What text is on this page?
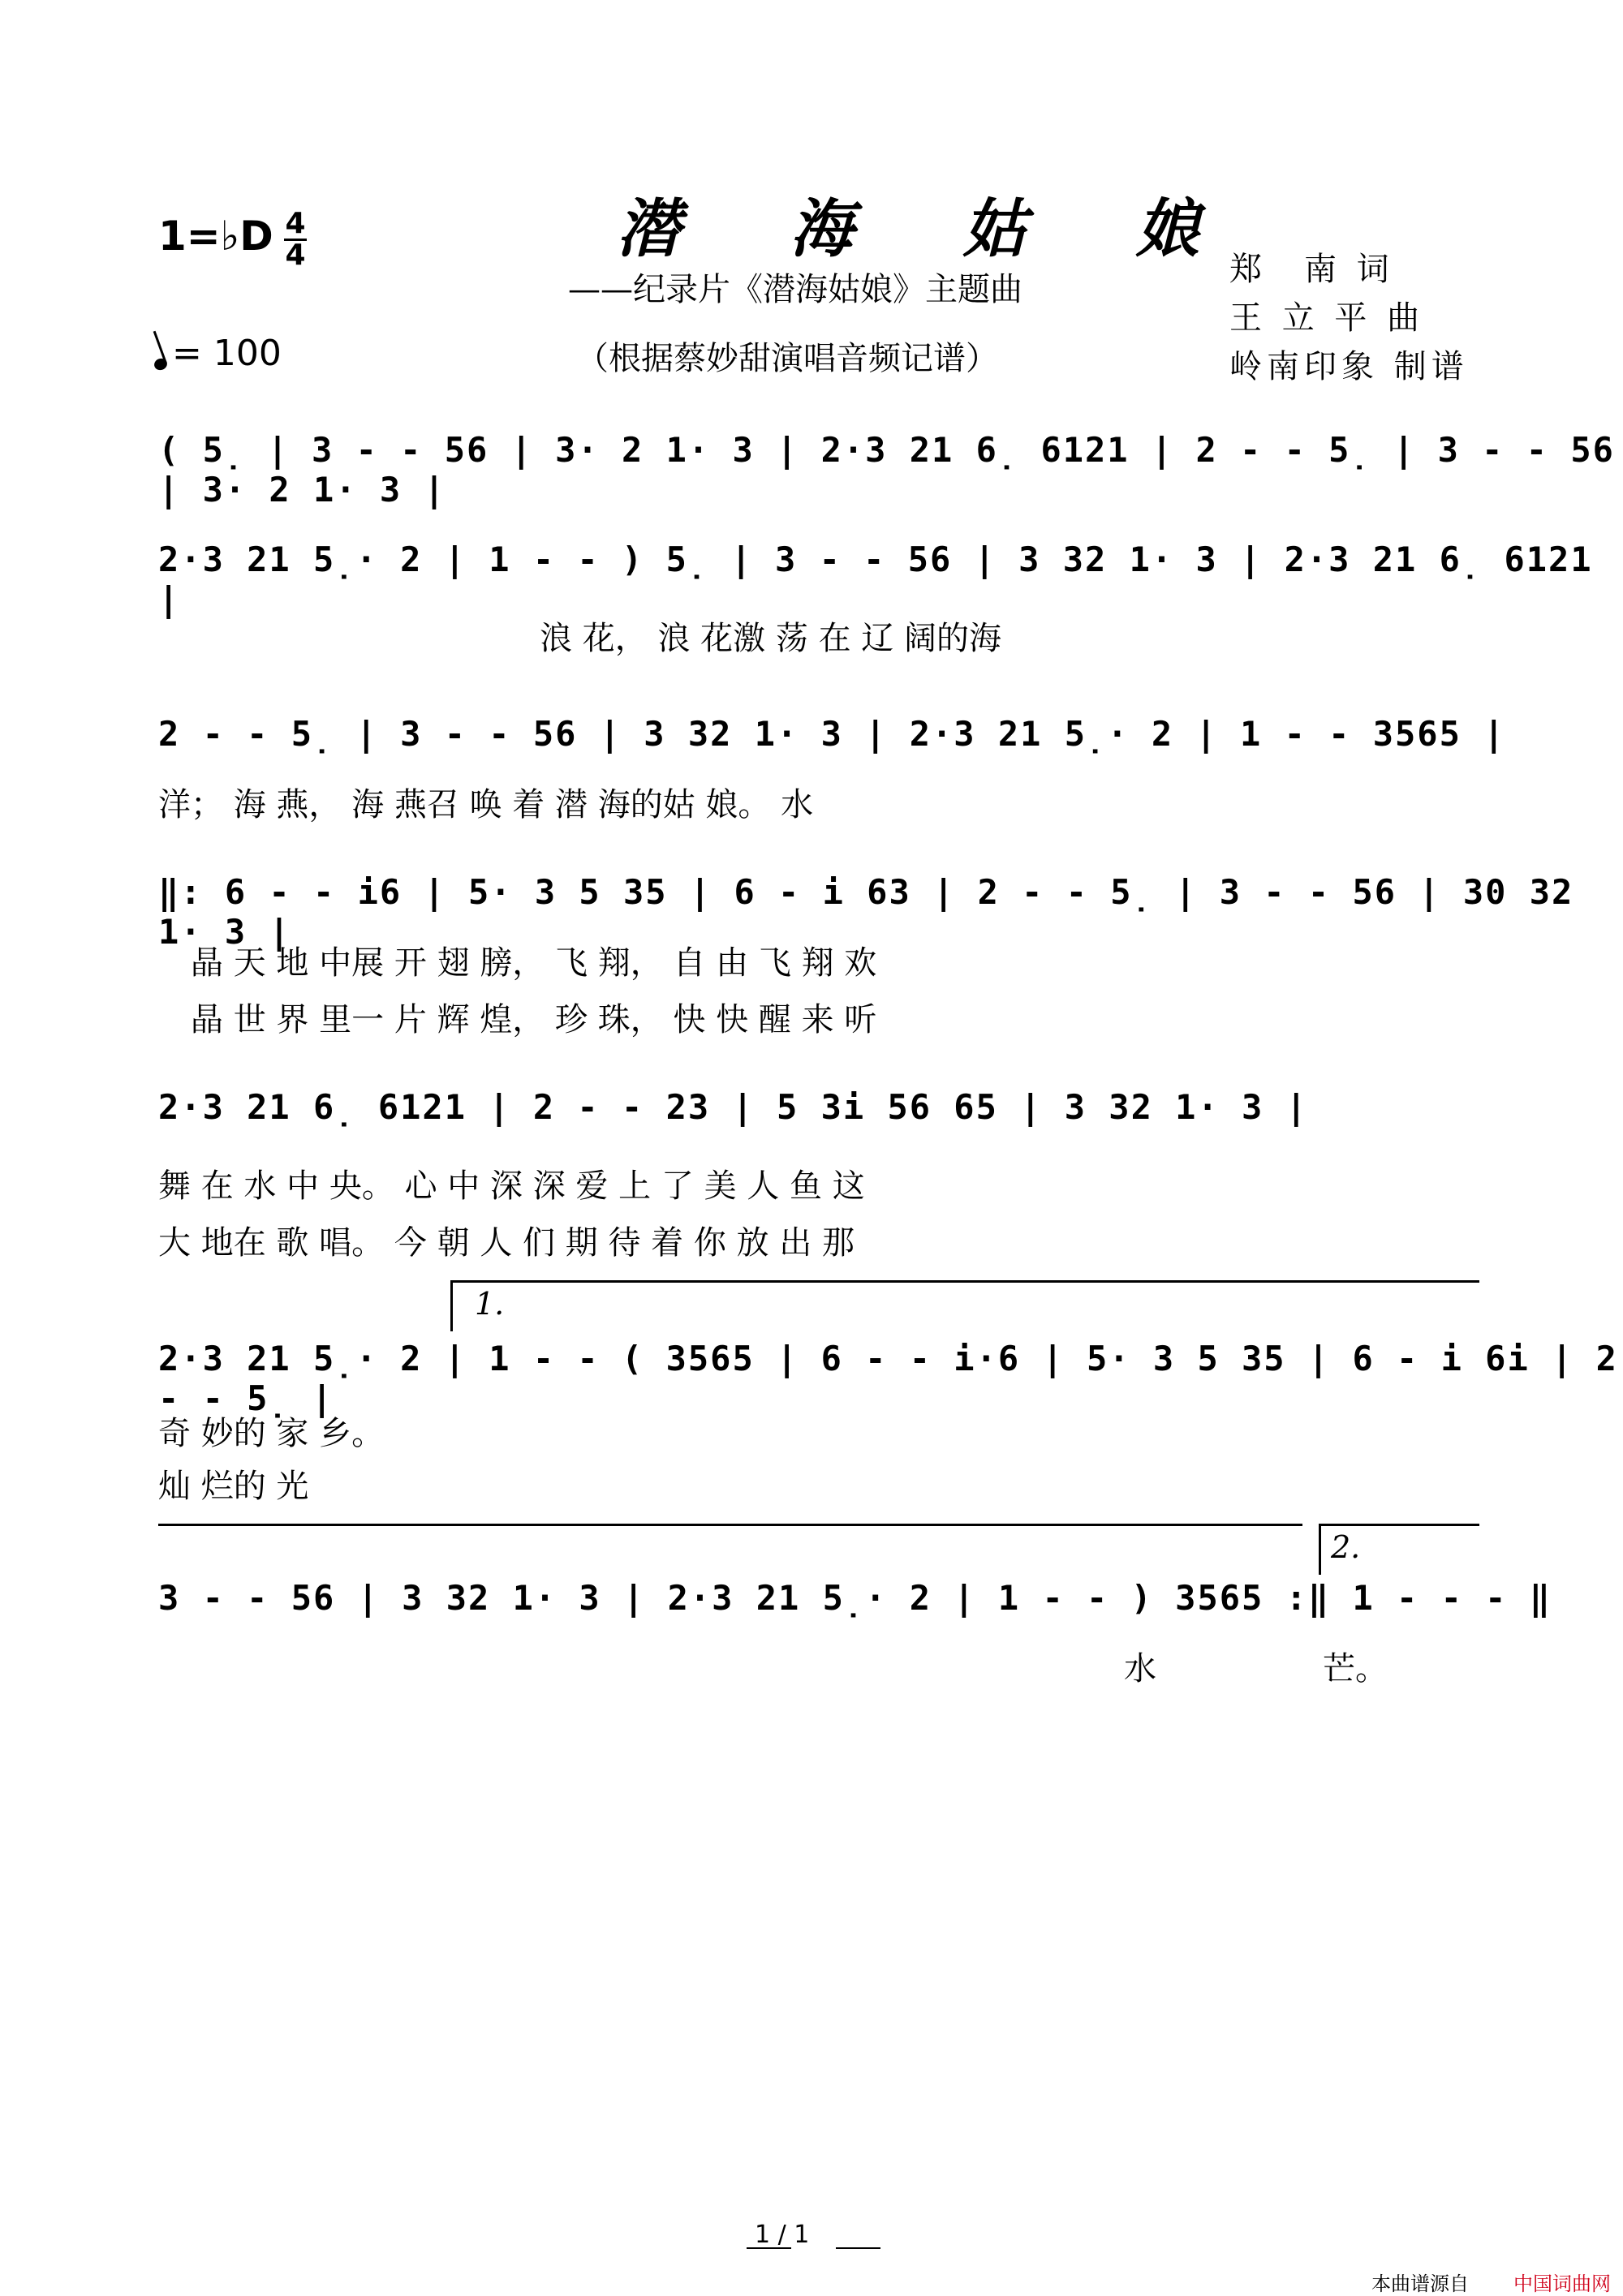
1=♭D 4
4
= 100
潜 海 姑 娘
——纪录片《潜海姑娘》主题曲
（根据蔡妙甜演唱音频记谱）
郑　南 词
王 立 平 曲
岭南印象 制谱
( 5̣ | 3 - - 56 | 3· 2 1· 3 | 2·3 21 6̣ 6121 | 2 - - 5̣ | 3 - - 56 | 3· 2 1· 3 |
2·3 21 5̣· 2 | 1 - - ) 5̣ | 3 - - 56 | 3 32 1· 3 | 2·3 21 6̣ 6121 |
浪 花， 浪 花激 荡 在 辽 阔的海
2 - - 5̣ | 3 - - 56 | 3 32 1· 3 | 2·3 21 5̣· 2 | 1 - - 3565 |
洋； 海 燕， 海 燕召 唤 着 潜 海的姑 娘。 水
‖: 6 - - i6 | 5· 3 5 35 | 6 - i 63 | 2 - - 5̣ | 3 - - 56 | 30 32 1· 3 |
晶 天 地 中展 开 翅 膀， 飞 翔， 自 由 飞 翔 欢
晶 世 界 里一 片 辉 煌， 珍 珠， 快 快 醒 来 听
2·3 21 6̣ 6121 | 2 - - 23 | 5 3i 56 65 | 3 32 1· 3 |
舞 在 水 中 央。 心 中 深 深 爱 上 了 美 人 鱼 这
大 地在 歌 唱。 今 朝 人 们 期 待 着 你 放 出 那
1.
2·3 21 5̣· 2 | 1 - - ( 3565 | 6 - - i·6 | 5· 3 5 35 | 6 - i 6i | 2̇ - - 5̣ |
奇 妙的 家 乡。
灿 烂的 光
2.
3 - - 56 | 3 32 1· 3 | 2·3 21 5̣· 2 | 1 - - ) 3565 :‖ 1 - - - ‖
水	芒。
1 / 1
本曲谱源自 中国词曲网
